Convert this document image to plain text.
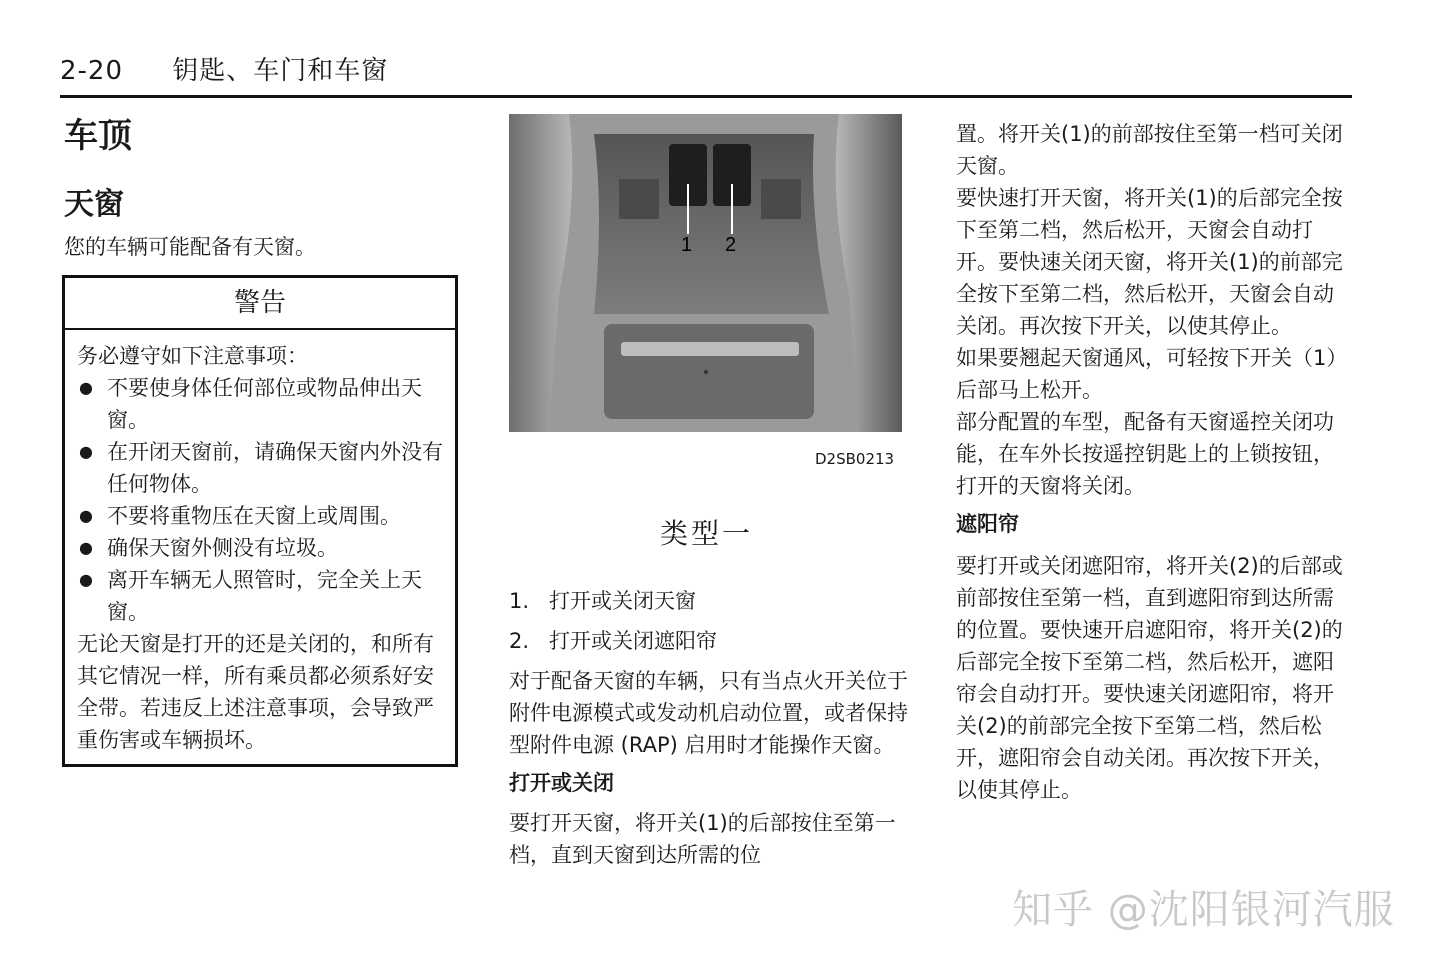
2-20 钥匙、车门和车窗
车顶
天窗
您的车辆可能配备有天窗。
警告
务必遵守如下注意事项：
● 不要使身体任何部位或物品伸出天窗。
● 在开闭天窗前，请确保天窗内外没有任何物体。
● 不要将重物压在天窗上或周围。
● 确保天窗外侧没有垃圾。
● 离开车辆无人照管时，完全关上天窗。
无论天窗是打开的还是关闭的，和所有其它情况一样，所有乘员都必须系好安全带。若违反上述注意事项，会导致严重伤害或车辆损坏。
1 2
D2SB0213
类型一
1. 打开或关闭天窗
2. 打开或关闭遮阳帘

对于配备天窗的车辆，只有当点火开关位于附件电源模式或发动机启动位置，或者保持型附件电源 (RAP) 启用时才能操作天窗。

打开或关闭

要打开天窗，将开关(1)的后部按住至第一档，直到天窗到达所需的位

置。将开关(1)的前部按住至第一档可关闭天窗。

要快速打开天窗，将开关(1)的后部完全按下至第二档，然后松开，天窗会自动打开。要快速关闭天窗，将开关(1)的前部完全按下至第二档，然后松开，天窗会自动关闭。再次按下开关，以使其停止。

如果要翘起天窗通风，可轻按下开关（1）后部马上松开。

部分配置的车型，配备有天窗遥控关闭功能，在车外长按遥控钥匙上的上锁按钮，打开的天窗将关闭。

遮阳帘

要打开或关闭遮阳帘，将开关(2)的后部或前部按住至第一档，直到遮阳帘到达所需的位置。要快速开启遮阳帘，将开关(2)的后部完全按下至第二档，然后松开，遮阳帘会自动打开。要快速关闭遮阳帘，将开关(2)的前部完全按下至第二档，然后松开，遮阳帘会自动关闭。再次按下开关，以使其停止。

知乎 @沈阳银河汽服
